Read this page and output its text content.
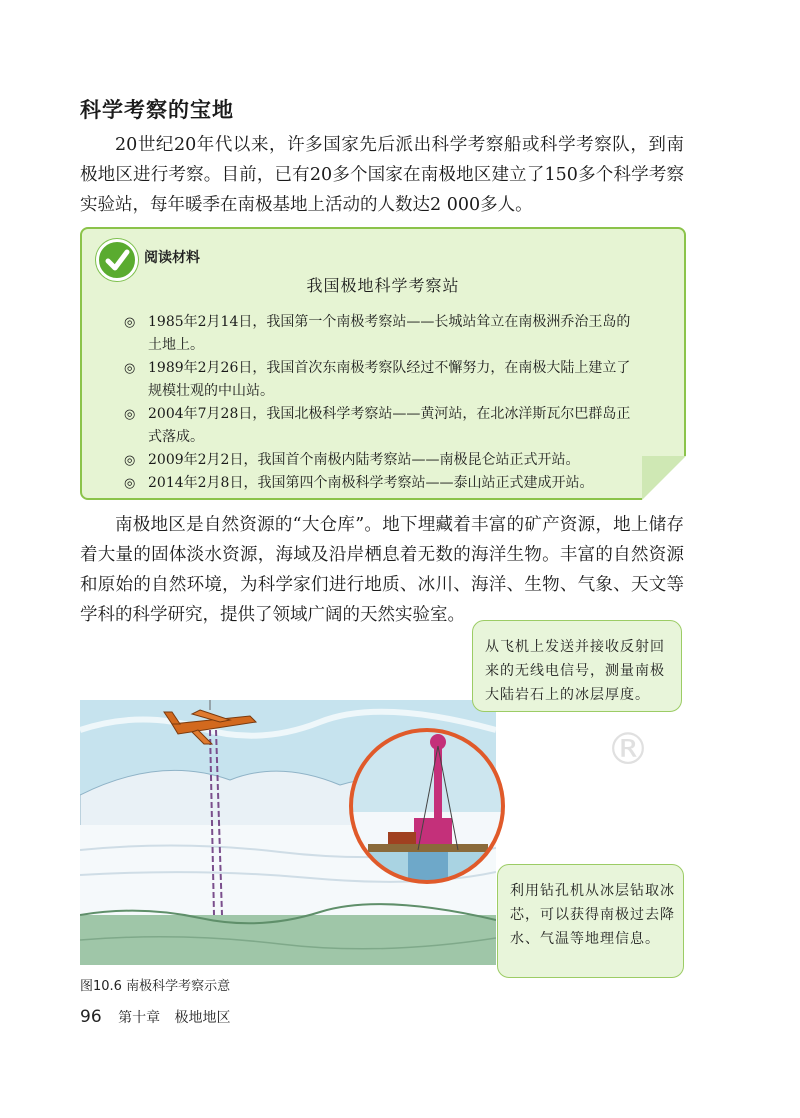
科学考察的宝地

20世纪20年代以来，许多国家先后派出科学考察船或科学考察队，到南极地区进行考察。目前，已有20多个国家在南极地区建立了150多个科学考察实验站，每年暖季在南极基地上活动的人数达2 000多人。

阅读材料
我国极地科学考察站
◎ 1985年2月14日，我国第一个南极考察站——长城站耸立在南极洲乔治王岛的土地上。
◎ 1989年2月26日，我国首次东南极考察队经过不懈努力，在南极大陆上建立了规模壮观的中山站。
◎ 2004年7月28日，我国北极科学考察站——黄河站，在北冰洋斯瓦尔巴群岛正式落成。
◎ 2009年2月2日，我国首个南极内陆考察站——南极昆仑站正式开站。
◎ 2014年2月8日，我国第四个南极科学考察站——泰山站正式建成开站。

南极地区是自然资源的“大仓库”。地下埋藏着丰富的矿产资源，地上储存着大量的固体淡水资源，海域及沿岸栖息着无数的海洋生物。丰富的自然资源和原始的自然环境，为科学家们进行地质、冰川、海洋、生物、气象、天文等学科的科学研究，提供了领域广阔的天然实验室。

®
从飞机上发送并接收反射回来的无线电信号，测量南极大陆岩石上的冰层厚度。
利用钻孔机从冰层钻取冰芯，可以获得南极过去降水、气温等地理信息。
图10.6 南极科学考察示意
96 第十章 极地地区
